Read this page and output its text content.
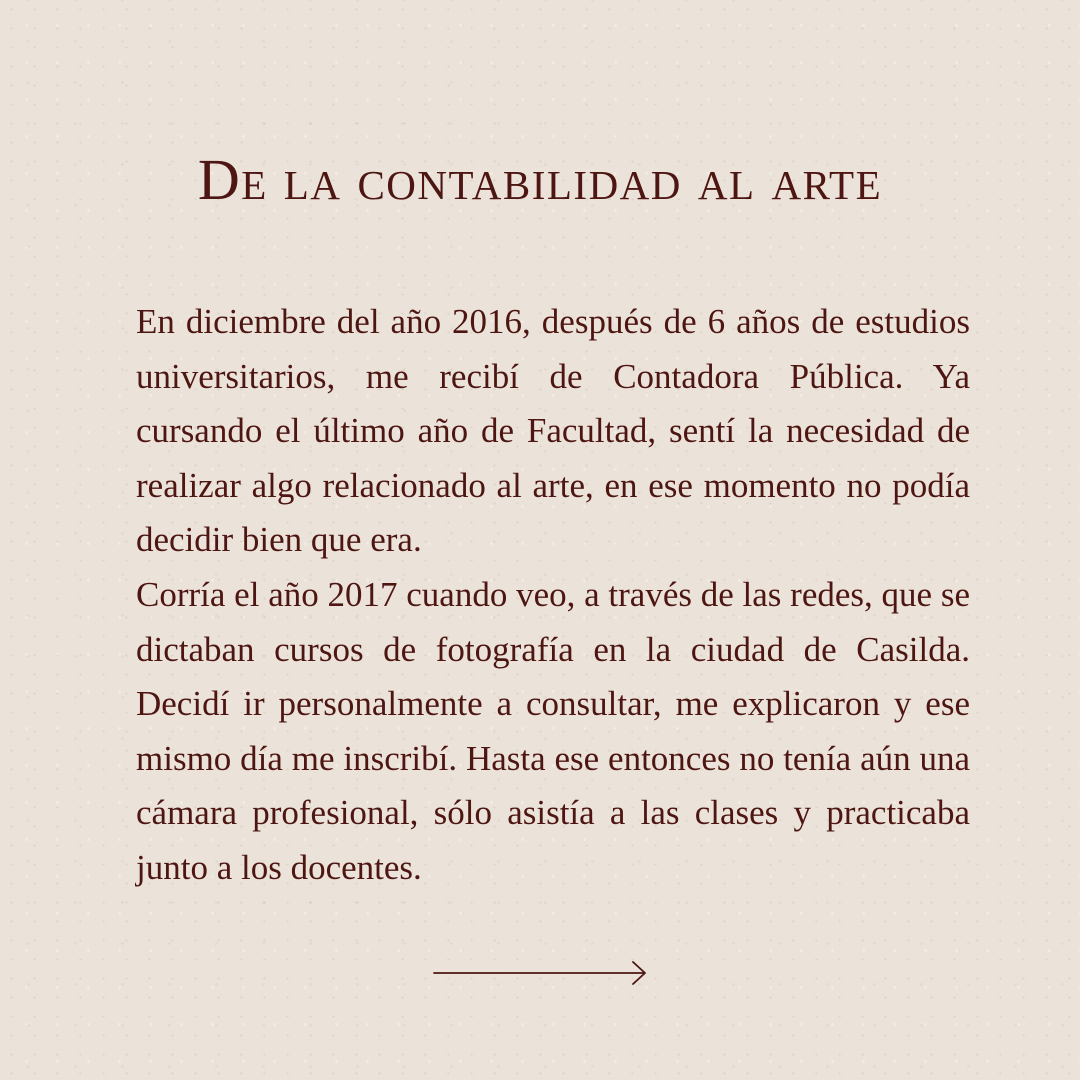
De la contabilidad al arte

En diciembre del año 2016, después de 6 años de estudios universitarios, me recibí de Contadora Pública. Ya cursando el último año de Facultad, sentí la necesidad de realizar algo relacionado al arte, en ese momento no podía decidir bien que era.

Corría el año 2017 cuando veo, a través de las redes, que se dictaban cursos de fotografía en la ciudad de Casilda. Decidí ir personalmente a consultar, me explicaron y ese mismo día me inscribí. Hasta ese entonces no tenía aún una cámara profesional, sólo asistía a las clases y practicaba junto a los docentes.
